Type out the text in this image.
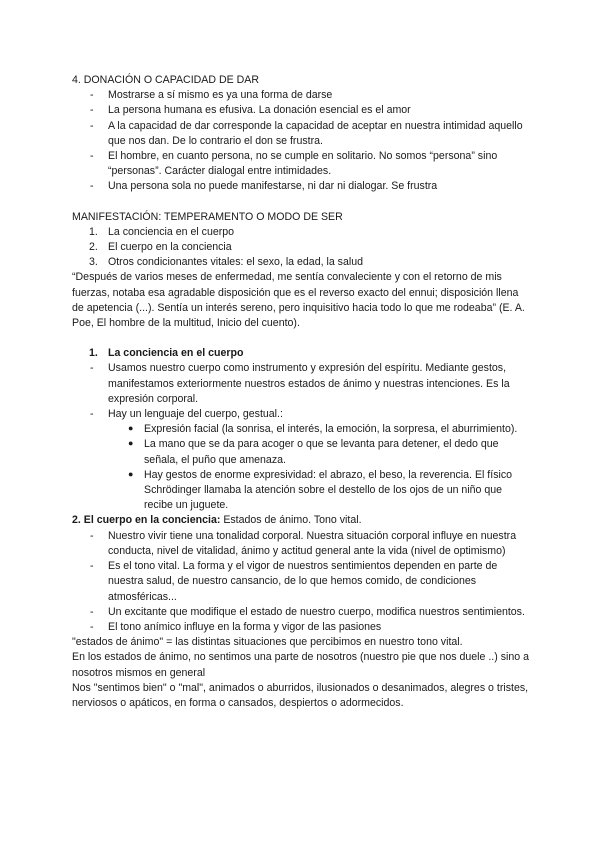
4. DONACIÓN O CAPACIDAD DE DAR

- Mostrarse a sí mismo es ya una forma de darse
- La persona humana es efusiva. La donación esencial es el amor
- A la capacidad de dar corresponde la capacidad de aceptar en nuestra intimidad aquello que nos dan. De lo contrario el don se frustra.
- El hombre, en cuanto persona, no se cumple en solitario. No somos “persona” sino “personas”. Carácter dialogal entre intimidades.
- Una persona sola no puede manifestarse, ni dar ni dialogar. Se frustra

MANIFESTACIÓN: TEMPERAMENTO O MODO DE SER

1. La conciencia en el cuerpo
2. El cuerpo en la conciencia
3. Otros condicionantes vitales: el sexo, la edad, la salud

“Después de varios meses de enfermedad, me sentía convaleciente y con el retorno de mis fuerzas, notaba esa agradable disposición que es el reverso exacto del ennui; disposición llena de apetencia (...). Sentía un interés sereno, pero inquisitivo hacia todo lo que me rodeaba” (E. A. Poe, El hombre de la multitud, Inicio del cuento).

1. La conciencia en el cuerpo
- Usamos nuestro cuerpo como instrumento y expresión del espíritu. Mediante gestos, manifestamos exteriormente nuestros estados de ánimo y nuestras intenciones. Es la expresión corporal.
- Hay un lenguaje del cuerpo, gestual.:
● Expresión facial (la sonrisa, el interés, la emoción, la sorpresa, el aburrimiento).
● La mano que se da para acoger o que se levanta para detener, el dedo que señala, el puño que amenaza.
● Hay gestos de enorme expresividad: el abrazo, el beso, la reverencia. El físico Schrödinger llamaba la atención sobre el destello de los ojos de un niño que recibe un juguete.

2. El cuerpo en la conciencia: Estados de ánimo. Tono vital.

- Nuestro vivir tiene una tonalidad corporal. Nuestra situación corporal influye en nuestra conducta, nivel de vitalidad, ánimo y actitud general ante la vida (nivel de optimismo)
- Es el tono vital. La forma y el vigor de nuestros sentimientos dependen en parte de nuestra salud, de nuestro cansancio, de lo que hemos comido, de condiciones atmosféricas...
- Un excitante que modifique el estado de nuestro cuerpo, modifica nuestros sentimientos.
- El tono anímico influye en la forma y vigor de las pasiones

"estados de ánimo" = las distintas situaciones que percibimos en nuestro tono vital.

En los estados de ánimo, no sentimos una parte de nosotros (nuestro pie que nos duele ..) sino a nosotros mismos en general

Nos "sentimos bien" o "mal", animados o aburridos, ilusionados o desanimados, alegres o tristes, nerviosos o apáticos, en forma o cansados, despiertos o adormecidos.
